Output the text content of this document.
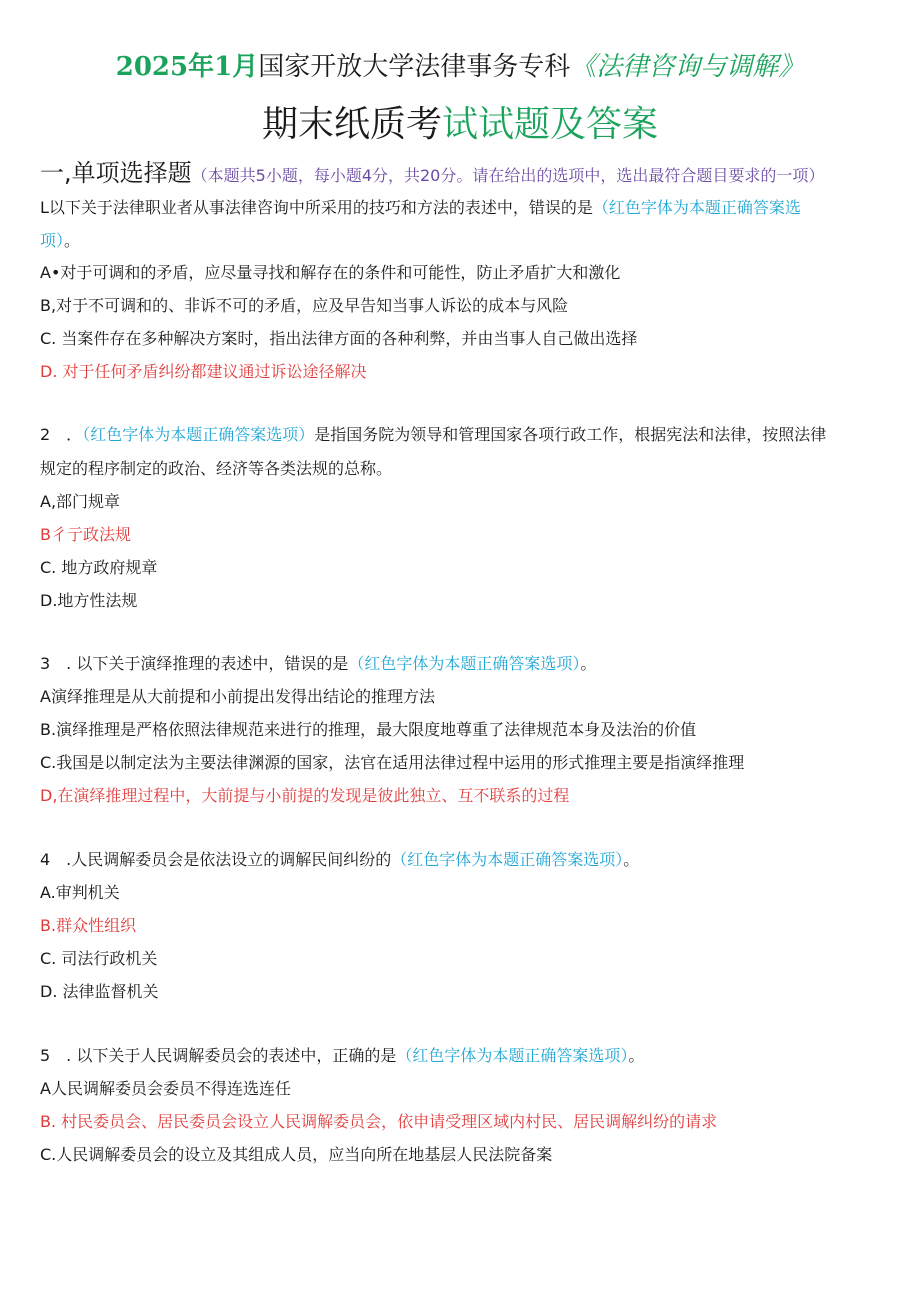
2025年1月国家开放大学法律事务专科《法律咨询与调解》
期末纸质考试试题及答案
一,单项选择题（本题共5小题，每小题4分，共20分。请在给出的选项中，选出最符合题目要求的一项）
L以下关于法律职业者从事法律咨询中所采用的技巧和方法的表述中，错误的是（红色字体为本题正确答案选
项）。
A•对于可调和的矛盾，应尽量寻找和解存在的条件和可能性，防止矛盾扩大和激化
B,对于不可调和的、非诉不可的矛盾，应及早告知当事人诉讼的成本与风险
C. 当案件存在多种解决方案时，指出法律方面的各种利弊，并由当事人自己做出选择
D. 对于任何矛盾纠纷都建议通过诉讼途径解决
2　．（红色字体为本题正确答案选项）是指国务院为领导和管理国家各项行政工作，根据宪法和法律，按照法律
规定的程序制定的政治、经济等各类法规的总称。
A,部门规章
B彳亍政法规
C. 地方政府规章
D.地方性法规
3　. 以下关于演绎推理的表述中，错误的是（红色字体为本题正确答案选项）。
A演绎推理是从大前提和小前提出发得出结论的推理方法
B.演绎推理是严格依照法律规范来进行的推理，最大限度地尊重了法律规范本身及法治的价值
C.我国是以制定法为主要法律渊源的国家，法官在适用法律过程中运用的形式推理主要是指演绎推理
D,在演绎推理过程中，大前提与小前提的发现是彼此独立、互不联系的过程
4　.人民调解委员会是依法设立的调解民间纠纷的（红色字体为本题正确答案选项）。
A.审判机关
B.群众性组织
C. 司法行政机关
D. 法律监督机关
5　. 以下关于人民调解委员会的表述中，正确的是（红色字体为本题正确答案选项）。
A人民调解委员会委员不得连选连任
B. 村民委员会、居民委员会设立人民调解委员会，依申请受理区域内村民、居民调解纠纷的请求
C.人民调解委员会的设立及其组成人员，应当向所在地基层人民法院备案
